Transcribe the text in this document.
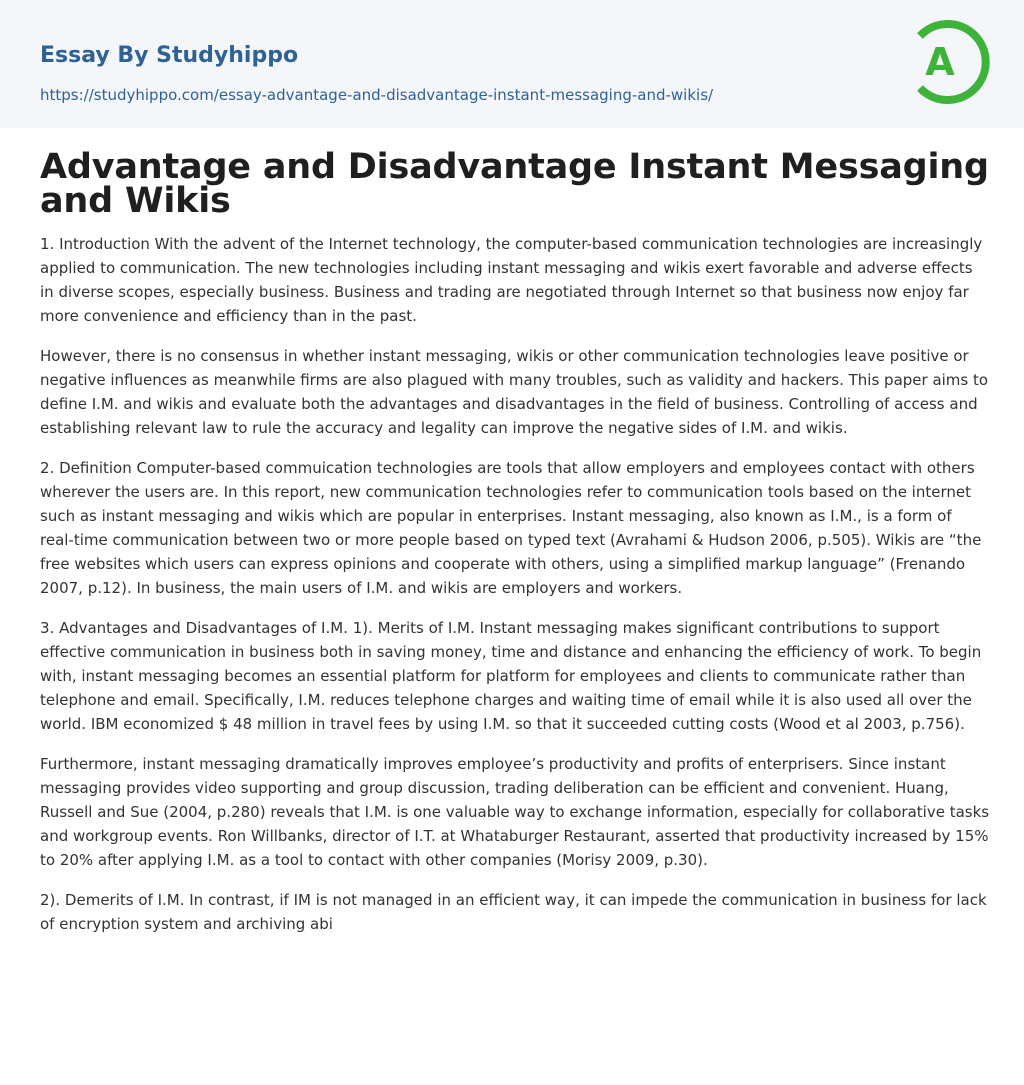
Essay By Studyhippo
https://studyhippo.com/essay-advantage-and-disadvantage-instant-messaging-and-wikis/
A
Advantage and Disadvantage Instant Messaging and Wikis

1. Introduction With the advent of the Internet technology, the computer-based communication technologies are increasingly applied to communication. The new technologies including instant messaging and wikis exert favorable and adverse effects in diverse scopes, especially business. Business and trading are negotiated through Internet so that business now enjoy far more convenience and efficiency than in the past.

However, there is no consensus in whether instant messaging, wikis or other communication technologies leave positive or negative influences as meanwhile firms are also plagued with many troubles, such as validity and hackers. This paper aims to define I.M. and wikis and evaluate both the advantages and disadvantages in the field of business. Controlling of access and establishing relevant law to rule the accuracy and legality can improve the negative sides of I.M. and wikis.

2. Definition Computer-based commuication technologies are tools that allow employers and employees contact with others wherever the users are. In this report, new communication technologies refer to communication tools based on the internet such as instant messaging and wikis which are popular in enterprises. Instant messaging, also known as I.M., is a form of real-time communication between two or more people based on typed text (Avrahami & Hudson 2006, p.505). Wikis are “the free websites which users can express opinions and cooperate with others, using a simplified markup language” (Frenando 2007, p.12). In business, the main users of I.M. and wikis are employers and workers.

3. Advantages and Disadvantages of I.M. 1). Merits of I.M. Instant messaging makes significant contributions to support effective communication in business both in saving money, time and distance and enhancing the efficiency of work. To begin with, instant messaging becomes an essential platform for platform for employees and clients to communicate rather than telephone and email. Specifically, I.M. reduces telephone charges and waiting time of email while it is also used all over the world. IBM economized $ 48 million in travel fees by using I.M. so that it succeeded cutting costs (Wood et al 2003, p.756).

Furthermore, instant messaging dramatically improves employee’s productivity and profits of enterprisers. Since instant messaging provides video supporting and group discussion, trading deliberation can be efficient and convenient. Huang, Russell and Sue (2004, p.280) reveals that I.M. is one valuable way to exchange information, especially for collaborative tasks and workgroup events. Ron Willbanks, director of I.T. at Whataburger Restaurant, asserted that productivity increased by 15% to 20% after applying I.M. as a tool to contact with other companies (Morisy 2009, p.30).

2). Demerits of I.M. In contrast, if IM is not managed in an efficient way, it can impede the communication in business for lack of encryption system and archiving abi
